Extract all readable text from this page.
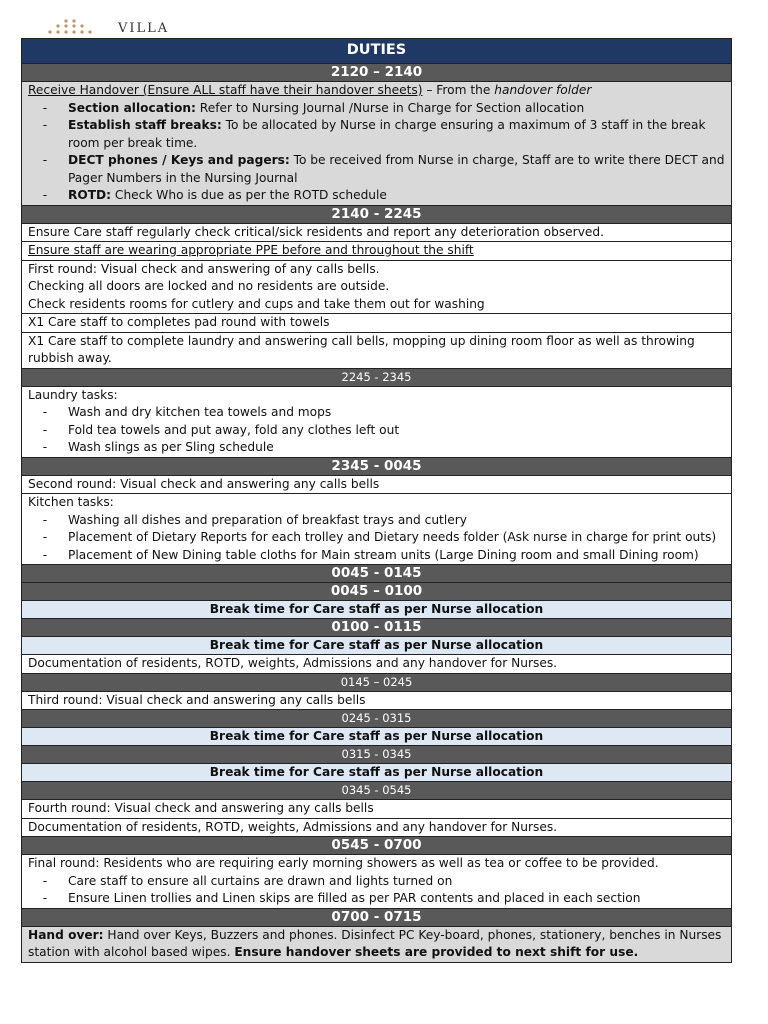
VILLA
DUTIES
2120 – 2140
Receive Handover (Ensure ALL staff have their handover sheets) – From the handover folder
-	Section allocation: Refer to Nursing Journal /Nurse in Charge for Section allocation
-	Establish staff breaks: To be allocated by Nurse in charge ensuring a maximum of 3 staff in the break room per break time.
-	DECT phones / Keys and pagers: To be received from Nurse in charge, Staff are to write there DECT and Pager Numbers in the Nursing Journal
-	ROTD: Check Who is due as per the ROTD schedule
2140 - 2245
Ensure Care staff regularly check critical/sick residents and report any deterioration observed.
Ensure staff are wearing appropriate PPE before and throughout the shift
First round: Visual check and answering of any calls bells.
Checking all doors are locked and no residents are outside.
Check residents rooms for cutlery and cups and take them out for washing
X1 Care staff to completes pad round with towels
X1 Care staff to complete laundry and answering call bells, mopping up dining room floor as well as throwing rubbish away.
2245 - 2345
Laundry tasks:
-	Wash and dry kitchen tea towels and mops
-	Fold tea towels and put away, fold any clothes left out
-	Wash slings as per Sling schedule
2345 - 0045
Second round: Visual check and answering any calls bells
Kitchen tasks:
-	Washing all dishes and preparation of breakfast trays and cutlery
-	Placement of Dietary Reports for each trolley and Dietary needs folder (Ask nurse in charge for print outs)
-	Placement of New Dining table cloths for Main stream units (Large Dining room and small Dining room)
0045 - 0145
0045 – 0100
Break time for Care staff as per Nurse allocation
0100 - 0115
Break time for Care staff as per Nurse allocation
Documentation of residents, ROTD, weights, Admissions and any handover for Nurses.
0145 – 0245
Third round: Visual check and answering any calls bells
0245 - 0315
Break time for Care staff as per Nurse allocation
0315 - 0345
Break time for Care staff as per Nurse allocation
0345 - 0545
Fourth round: Visual check and answering any calls bells
Documentation of residents, ROTD, weights, Admissions and any handover for Nurses.
0545 - 0700
Final round: Residents who are requiring early morning showers as well as tea or coffee to be provided.
-	Care staff to ensure all curtains are drawn and lights turned on
-	Ensure Linen trollies and Linen skips are filled as per PAR contents and placed in each section
0700 - 0715
Hand over: Hand over Keys, Buzzers and phones. Disinfect PC Key-board, phones, stationery, benches in Nurses station with alcohol based wipes. Ensure handover sheets are provided to next shift for use.
